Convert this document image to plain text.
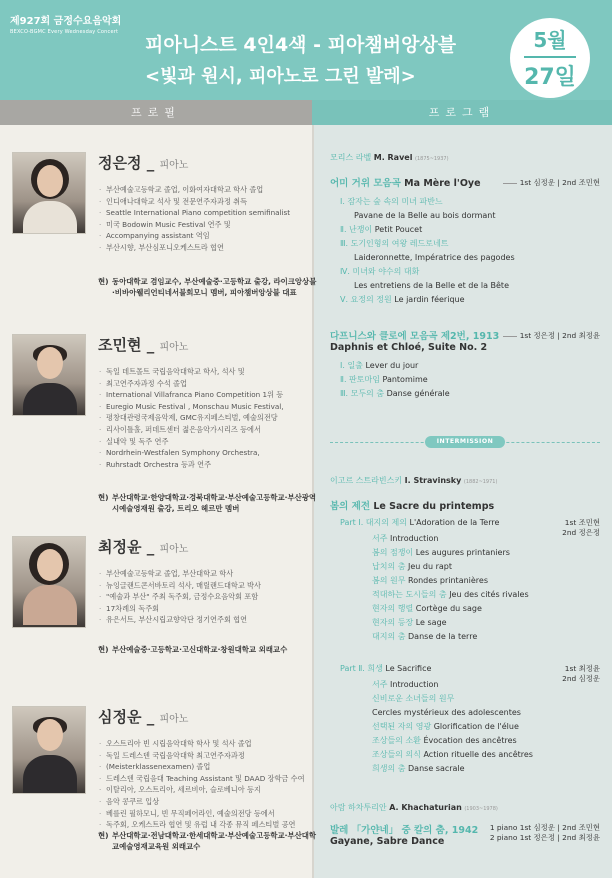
제927회 금정수요음악회
BEXCO-BGMC Every Wednesday Concert
피아니스트 4인4색 - 피아챔버앙상블
<빛과 원시, 피아노로 그린 발레>
5월
27일
프로필	프로그램
정은정 _ 피아노
· 부산예술고등학교 졸업, 이화여자대학교 학사 졸업
· 인디애나대학교 석사 및 전문연주자과정 취득
· Seattle International Piano competition semifinalist
· 미국 Bodowin Music Festival 연주 및
· Accompanying assistant 역임
· 부산시향, 부산심포니오케스트라 협연
현) 동아대학교 겸임교수, 부산예술중·고등학교 출강, 라이크앙상블·비바아웰리언티네서블회모니 멤버, 피아챔버앙상블 대표
조민현 _ 피아노
· 독일 데트몰트 국립음악대학교 학사, 석사 및
· 최고연주자과정 수석 졸업
· International Villafranca Piano Competition 1위 등
· Euregio Music Festival , Monschau Music Festival,
· 평창대관령국제음악제, GMC유지페스티벌, 예술의전당
· 리사이틀홀, 퍼데트센터 젊은음악가시리즈 등에서
· 실내악 및 독주 연주
· Nordrhein-Westfalen Symphony Orchestra,
· Ruhrstadt Orchestra 등과 연주
현) 부산대학교·한양대학교·경북대학교·부산예술고등학교·부산광역시예술영재원 출강, 트리오 헤르만 멤버
최정윤 _ 피아노
· 부산예술고등학교 졸업, 부산대학교 학사
· 뉴잉글랜드콘서바토리 석사, 매릴랜드대학교 박사
· "예술과 부산" 주최 독주회, 금정수요음악회 포함
· 17차례의 독주회
· 유은서트, 부산시립교향악단 정기연주회 협연
현) 부산예술중·고등학교·고신대학교·창원대학교 외래교수
심정운 _ 피아노
· 오스트리아 빈 시립음악대학 학사 및 석사 졸업
· 독일 드레스덴 국립음악대학 최고연주자과정
· (Meisterklassenexamen) 졸업
· 드레스덴 국립음대 Teaching Assistant 및 DAAD 장학금 수여
· 이탈리아, 오스트리아, 세르비아, 슬로베니아 등지
· 음악 콩쿠르 입상
· 베를린 필하모니, 빈 무직페어라인, 예술의전당 등에서
· 독주회, 오케스트라 협연 및 유럽 내 각종 뮤직 페스티벌 공연
현) 부산대학교·전남대학교·한세대학교·부산예술고등학교·부산대학교예술영재교육원 외래교수
모리스 라벨 M. Ravel (1875~1937)
어미 거위 모음곡 Ma Mère l'Oye	1st 심정운 | 2nd 조민현
Ⅰ. 잠자는 숲 속의 미녀 파반느
Pavane de la Belle au bois dormant
Ⅱ. 난쟁이 Petit Poucet
Ⅲ. 도기인형의 여왕 레드로네트
Laideronnette, Impératrice des pagodes
Ⅳ. 미녀와 야수의 대화
Les entretiens de la Belle et de la Bête
Ⅴ. 요정의 정원 Le jardin féerique
다프니스와 클로에 모음곡 제2번, 1913	1st 정은정 | 2nd 최정윤
Daphnis et Chloé, Suite No. 2
Ⅰ. 일출 Lever du jour
Ⅱ. 판토마임 Pantomime
Ⅲ. 모두의 춤 Danse générale
INTERMISSION
이고르 스트라빈스키 I. Stravinsky (1882~1971)
봄의 제전 Le Sacre du printemps
Part Ⅰ. 대지의 제의 L'Adoration de la Terre	1st 조민현
2nd 정은정
서주 Introduction
봄의 점쟁이 Les augures printaniers
납치의 춤 Jeu du rapt
봄의 원무 Rondes printanières
적대하는 도시들의 춤 Jeu des cités rivales
현자의 행렬 Cortège du sage
현자의 등장 Le sage
대지의 춤 Danse de la terre
Part Ⅱ. 희생 Le Sacrifice	1st 최정윤
2nd 심정운
서주 Introduction
신비로운 소녀들의 원무
Cercles mystérieux des adolescentes
선택된 자의 영광 Glorification de l'élue
조상들의 소환 Évocation des ancêtres
조상들의 의식 Action rituelle des ancêtres
희생의 춤 Danse sacrale
아람 하차투리안 A. Khachaturian (1903~1978)
발레 「가얀네」 중 칼의 춤, 1942
Gayane, Sabre Dance
1 piano 1st 심정운 | 2nd 조민현
2 piano 1st 정은정 | 2nd 최정윤
